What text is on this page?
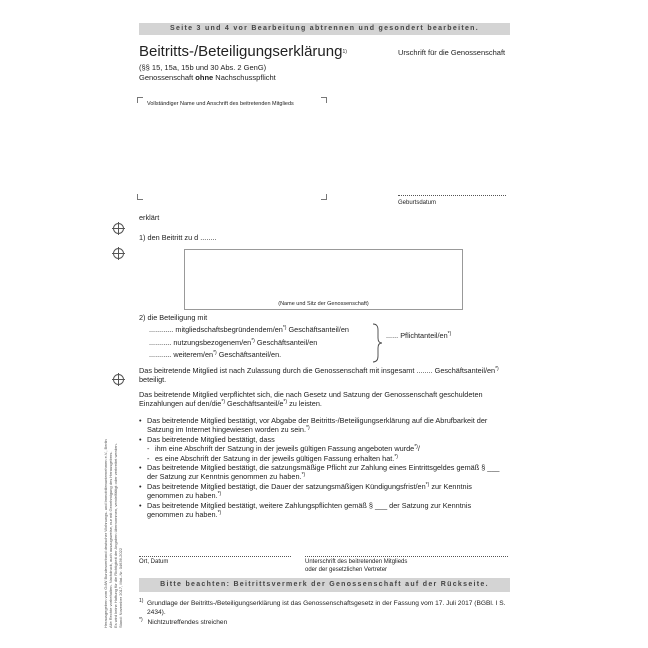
Seite 3 und 4 vor Bearbeitung abtrennen und gesondert bearbeiten.
Beitritts-/Beteiligungserklärung$^{1)}$	Urschrift für die Genossenschaft
(§§ 15, 15a, 15b und 30 Abs. 2 GenG)
Genossenschaft ohne Nachschusspflicht
Vollständiger Name und Anschrift des beitretenden Mitglieds
Geburtsdatum
erklärt
1) den Beitritt zu d ........
(Name und Sitz der Genossenschaft)
2) die Beteiligung mit
............ mitgliedschaftsbegründendem/en*) Geschäftsanteil/en
........... nutzungsbezogenem/en*) Geschäftsanteil/en
........... weiterem/en*) Geschäftsanteil/en.
...... Pflichtanteil/en*)
Das beitretende Mitglied ist nach Zulassung durch die Genossenschaft mit insgesamt ........ Geschäftsanteil/en*) beteiligt.
Das beitretende Mitglied verpflichtet sich, die nach Gesetz und Satzung der Genossenschaft geschuldeten Einzahlungen auf den/die*) Geschäftsanteil/e*) zu leisten.
• Das beitretende Mitglied bestätigt, vor Abgabe der Beitritts-/Beteiligungserklärung auf die Abrufbarkeit der Satzung im Internet hingewiesen worden zu sein.*)
• Das beitretende Mitglied bestätigt, dass
- ihm eine Abschrift der Satzung in der jeweils gültigen Fassung angeboten wurde*)/
- es eine Abschrift der Satzung in der jeweils gültigen Fassung erhalten hat.*)
• Das beitretende Mitglied bestätigt, die satzungsmäßige Pflicht zur Zahlung eines Eintrittsgeldes gemäß § ___ der Satzung zur Kenntnis genommen zu haben.*)
• Das beitretende Mitglied bestätigt, die Dauer der satzungsmäßigen Kündigungsfrist/en*) zur Kenntnis genommen zu haben.*)
• Das beitretende Mitglied bestätigt, weitere Zahlungspflichten gemäß § ___ der Satzung zur Kenntnis genommen zu haben.*)
Ort, Datum	Unterschrift des beitretenden Mitglieds
oder der gesetzlichen Vertreter
Bitte beachten: Beitrittsvermerk der Genossenschaft auf der Rückseite.
$^{1)}$ Grundlage der Beitritts-/Beteiligungserklärung ist das Genossenschaftsgesetz in der Fassung vom 17. Juli 2017 (BGBl. I S. 2434).
*) Nichtzutreffendes streichen
Herausgegeben vom GdW Bundesverband deutscher Wohnungs- und Immobilienunternehmen e.V., Berlin Alle Rechte vorbehalten. Nachdruck, auch auszugsweise, nur mit Genehmigung des Herausgebers. Es wird keine Haftung für die Richtigkeit der Angaben übernommen, vervielfältigt oder verbreitet werden. Stand: November 2017, Mat.-Nr. 04636-2022
